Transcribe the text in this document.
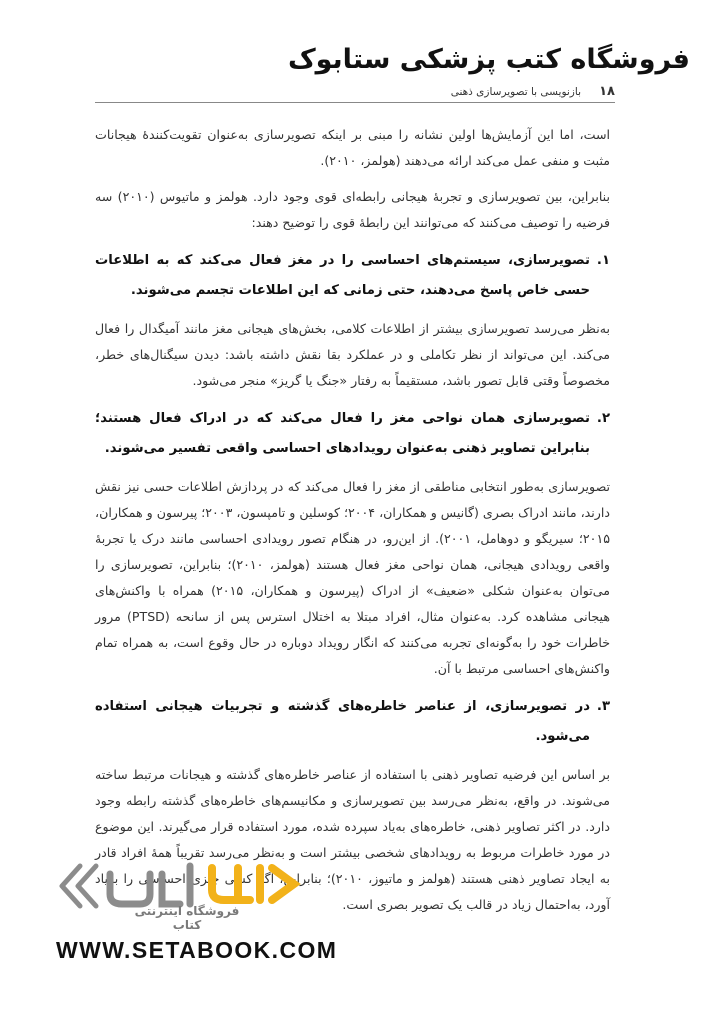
فروشگاه کتب پزشکی ستابوک
۱۸
بازنویسی با تصویرسازی ذهنی

است، اما این آزمایش‌ها اولین نشانه را مبنی بر اینکه تصویرسازی به‌عنوان تقویت‌کنندهٔ هیجانات مثبت و منفی عمل می‌کند ارائه می‌دهند (هولمز، ۲۰۱۰).

بنابراین، بین تصویرسازی و تجربهٔ هیجانی رابطه‌ای قوی وجود دارد. هولمز و ماتیوس (۲۰۱۰) سه فرضیه را توصیف می‌کنند که می‌توانند این رابطهٔ قوی را توضیح دهند:

۱.

تصویرسازی، سیستم‌های احساسی را در مغز فعال می‌کند که به اطلاعات حسی خاص پاسخ می‌دهند، حتی زمانی که این اطلاعات تجسم می‌شوند.

به‌نظر می‌رسد تصویرسازی بیشتر از اطلاعات کلامی، بخش‌های هیجانی مغز مانند آمیگدال را فعال می‌کند. این می‌تواند از نظر تکاملی و در عملکرد بقا نقش داشته باشد: دیدن سیگنال‌های خطر، مخصوصاً وقتی قابل تصور باشد، مستقیماً به رفتار «جنگ یا گریز» منجر می‌شود.

۲.

تصویرسازی همان نواحی مغز را فعال می‌کند که در ادراک فعال هستند؛ بنابراین تصاویر ذهنی به‌عنوان رویدادهای احساسی واقعی تفسیر می‌شوند.

تصویرسازی به‌طور انتخابی مناطقی از مغز را فعال می‌کند که در پردازش اطلاعات حسی نیز نقش دارند، مانند ادراک بصری (گانیس و همکاران، ۲۰۰۴؛ کوسلین و تامپسون، ۲۰۰۳؛ پیرسون و همکاران، ۲۰۱۵؛ سیریگو و دوهامل، ۲۰۰۱). از این‌رو، در هنگام تصور رویدادی احساسی مانند درک یا تجربهٔ واقعی رویدادی هیجانی، همان نواحی مغز فعال هستند (هولمز، ۲۰۱۰)؛ بنابراین، تصویرسازی را می‌توان به‌عنوان شکلی «ضعیف» از ادراک (پیرسون و همکاران، ۲۰۱۵) همراه با واکنش‌های هیجانی مشاهده کرد. به‌عنوان مثال، افراد مبتلا به اختلال استرس پس از سانحه (PTSD) مرور خاطرات خود را به‌گونه‌ای تجربه می‌کنند که انگار رویداد دوباره در حال وقوع است، به همراه تمام واکنش‌های احساسی مرتبط با آن.

۳.

در تصویرسازی، از عناصر خاطره‌های گذشته و تجربیات هیجانی استفاده می‌شود.

بر اساس این فرضیه تصاویر ذهنی با استفاده از عناصر خاطره‌های گذشته و هیجانات مرتبط ساخته می‌شوند. در واقع، به‌نظر می‌رسد بین تصویرسازی و مکانیسم‌های خاطره‌های گذشته رابطه وجود دارد. در اکثر تصاویر ذهنی، خاطره‌های به‌یاد سپرده شده، مورد استفاده قرار می‌گیرند. این موضوع در مورد خاطرات مربوط به رویدادهای شخصی بیشتر است و به‌نظر می‌رسد تقریباً همهٔ افراد قادر به ایجاد تصاویر ذهنی هستند (هولمز و ماتیوز، ۲۰۱۰)؛ بنابراین، اگر کسی چیزی احساسی را به‌یاد آورد، به‌احتمال زیاد در قالب یک تصویر بصری است.

فروشگاه اینترنتی کتاب

WWW.SETABOOK.COM
